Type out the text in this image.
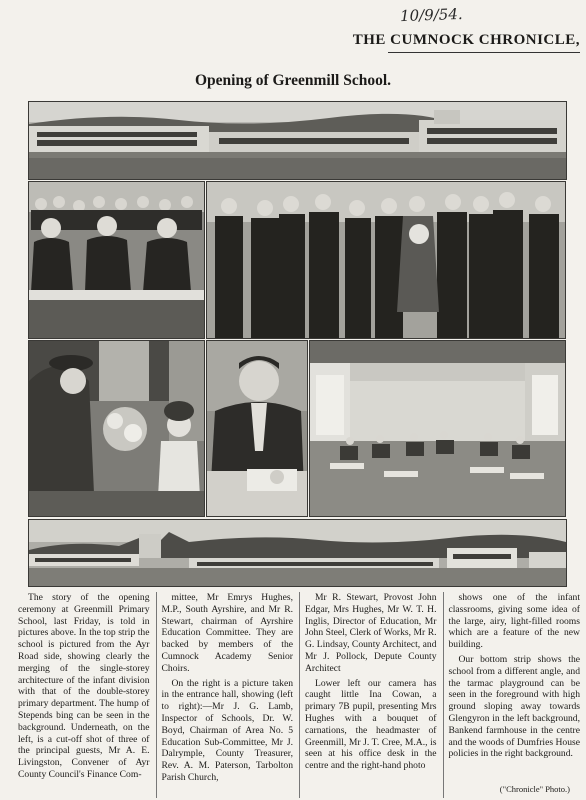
10/9/54.
THE CUMNOCK CHRONICLE,
Opening of Greenmill School.

The story of the opening ceremony at Greenmill Primary School, last Friday, is told in pictures above. In the top strip the school is pictured from the Ayr Road side, showing clearly the merging of the single-storey architecture of the infant division with that of the double-storey primary department. The hump of Stepends bing can be seen in the background. Underneath, on the left, is a cut-off shot of three of the principal guests, Mr A. E. Livingston, Convener of Ayr County Council's Finance Com-

mittee, Mr Emrys Hughes, M.P., South Ayrshire, and Mr R. Stewart, chairman of Ayrshire Education Committee. They are backed by members of the Cumnock Academy Senior Choirs.

On the right is a picture taken in the entrance hall, showing (left to right):—Mr J. G. Lamb, Inspector of Schools, Dr. W. Boyd, Chairman of Area No. 5 Education Sub-Committee, Mr J. Dalrymple, County Treasurer, Rev. A. M. Paterson, Tarbolton Parish Church,

Mr R. Stewart, Provost John Edgar, Mrs Hughes, Mr W. T. H. Inglis, Director of Education, Mr John Steel, Clerk of Works, Mr R. G. Lindsay, County Architect, and Mr J. Pollock, Depute County Architect

Lower left our camera has caught little Ina Cowan, a primary 7B pupil, presenting Mrs Hughes with a bouquet of carnations, the headmaster of Greenmill, Mr J. T. Cree, M.A., is seen at his office desk in the centre and the right-hand photo

shows one of the infant classrooms, giving some idea of the large, airy, light-filled rooms which are a feature of the new building.

Our bottom strip shows the school from a different angle, and the tarmac playground can be seen in the foreground with high ground sloping away towards Glengyron in the left background, Bankend farmhouse in the centre and the woods of Dumfries House policies in the right background.

("Chronicle" Photo.)
